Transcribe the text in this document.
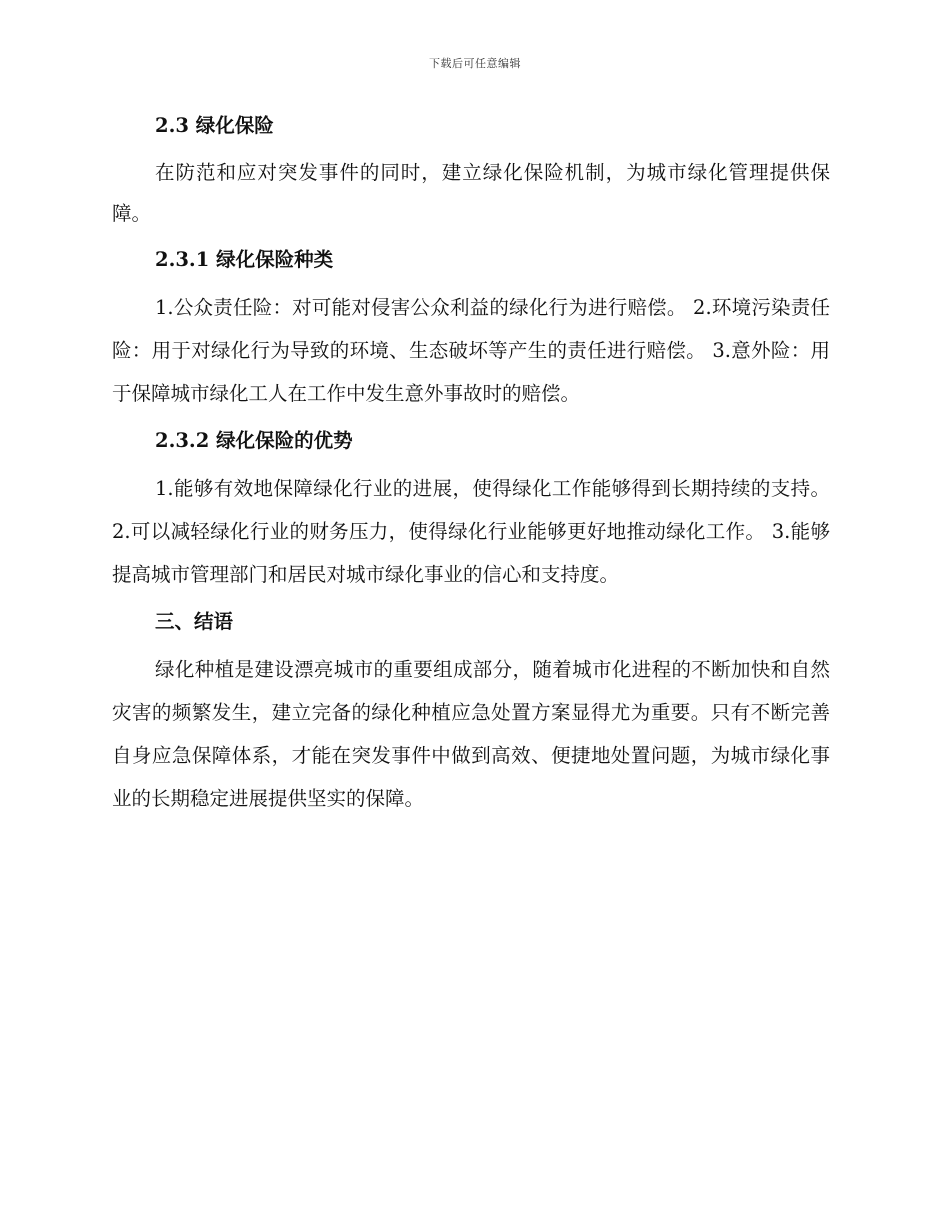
下载后可任意编辑
2.3 绿化保险
在防范和应对突发事件的同时，建立绿化保险机制，为城市绿化管理提供保障。
2.3.1 绿化保险种类
1.公众责任险：对可能对侵害公众利益的绿化行为进行赔偿。 2.环境污染责任险：用于对绿化行为导致的环境、生态破坏等产生的责任进行赔偿。 3.意外险：用于保障城市绿化工人在工作中发生意外事故时的赔偿。
2.3.2 绿化保险的优势
1.能够有效地保障绿化行业的进展，使得绿化工作能够得到长期持续的支持。 2.可以减轻绿化行业的财务压力，使得绿化行业能够更好地推动绿化工作。 3.能够提高城市管理部门和居民对城市绿化事业的信心和支持度。
三、结语
绿化种植是建设漂亮城市的重要组成部分，随着城市化进程的不断加快和自然灾害的频繁发生，建立完备的绿化种植应急处置方案显得尤为重要。只有不断完善自身应急保障体系，才能在突发事件中做到高效、便捷地处置问题，为城市绿化事业的长期稳定进展提供坚实的保障。
